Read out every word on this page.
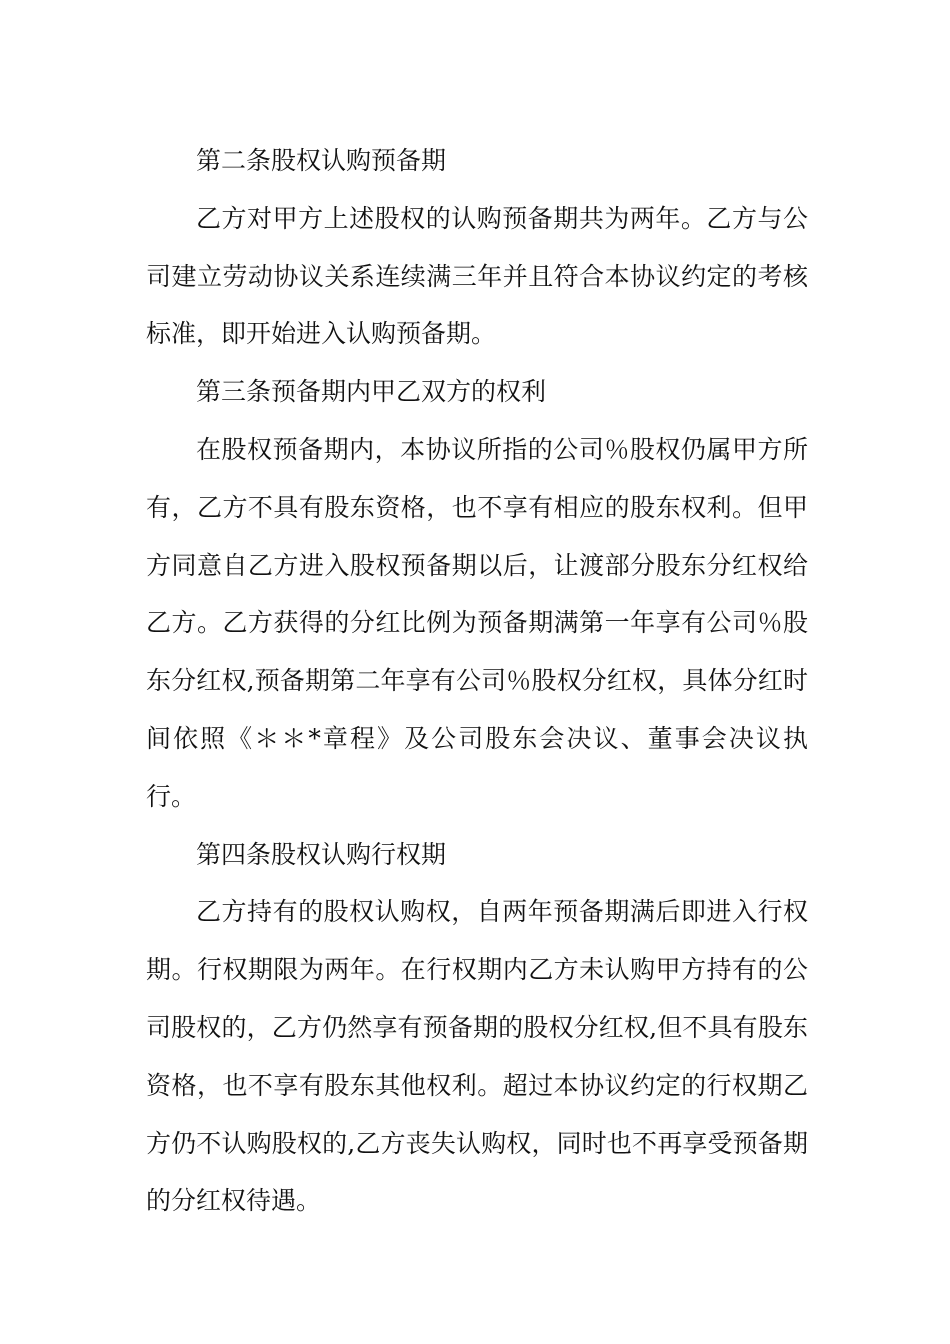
第二条股权认购预备期

乙方对甲方上述股权的认购预备期共为两年。乙方与公司建立劳动协议关系连续满三年并且符合本协议约定的考核标准，即开始进入认购预备期。

第三条预备期内甲乙双方的权利

在股权预备期内，本协议所指的公司％股权仍属甲方所有，乙方不具有股东资格，也不享有相应的股东权利。但甲方同意自乙方进入股权预备期以后，让渡部分股东分红权给乙方。乙方获得的分红比例为预备期满第一年享有公司％股东分红权,预备期第二年享有公司％股权分红权，具体分红时间依照《＊＊*章程》及公司股东会决议、董事会决议执行。

第四条股权认购行权期

乙方持有的股权认购权，自两年预备期满后即进入行权期。行权期限为两年。在行权期内乙方未认购甲方持有的公司股权的，乙方仍然享有预备期的股权分红权,但不具有股东资格，也不享有股东其他权利。超过本协议约定的行权期乙方仍不认购股权的,乙方丧失认购权，同时也不再享受预备期的分红权待遇。
